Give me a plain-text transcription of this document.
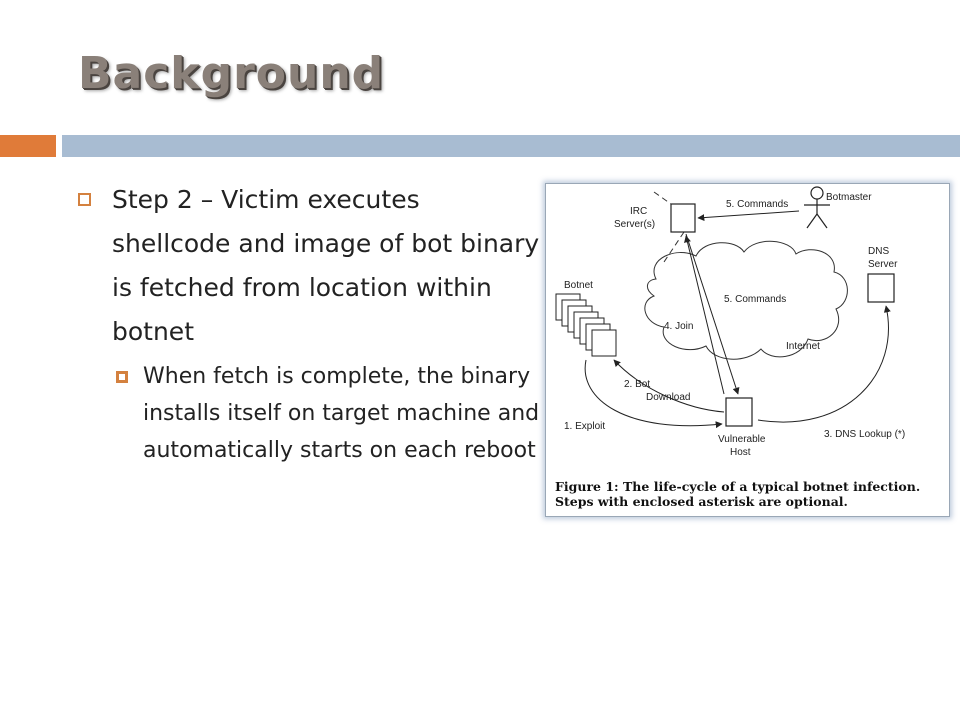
Background
Step 2 – Victim executes shellcode and image of bot binary is fetched from location within botnet
When fetch is complete, the binary installs itself on target machine and automatically starts on each reboot
IRC
Server(s)
5. Commands
Botmaster
DNS
Server
Botnet
5. Commands
4. Join
Internet
Vulnerable
Host
2. Bot
Download
1. Exploit
3. DNS Lookup (*)
Figure 1: The life-cycle of a typical botnet infection. Steps with enclosed asterisk are optional.
